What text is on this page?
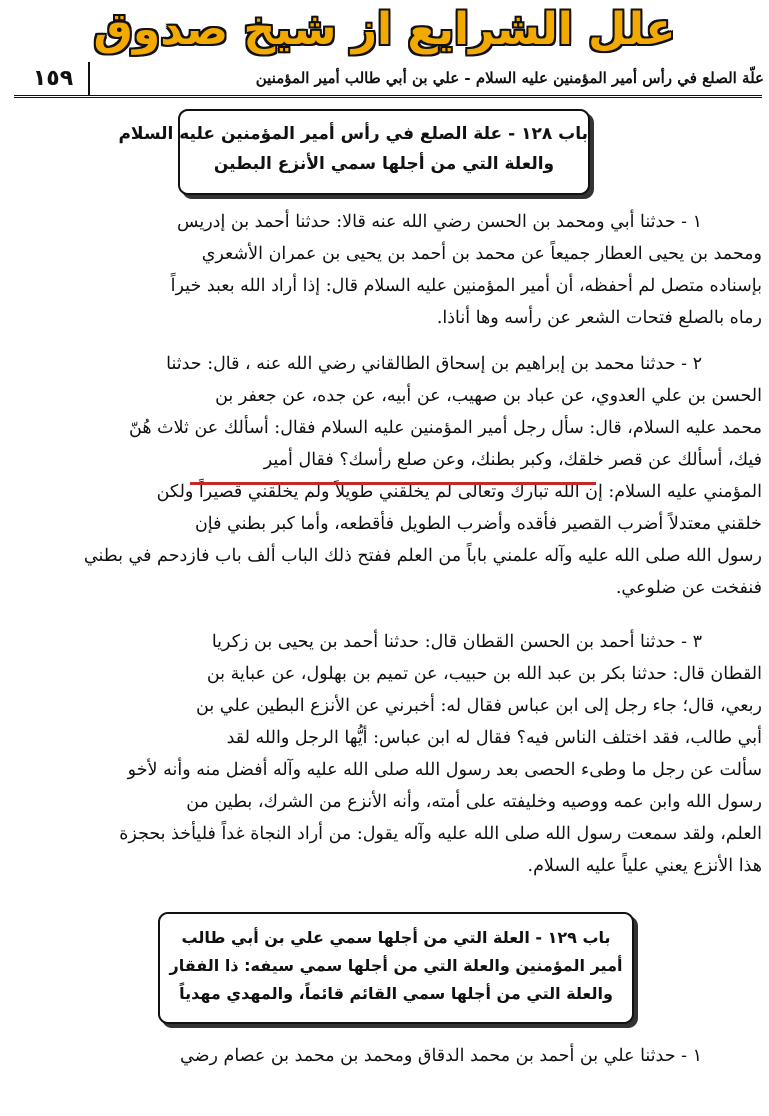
علل الشرايع از شيخ صدوق
١٥٩	علّة الصلع في رأس أمير المؤمنين عليه السلام - علي بن أبي طالب أمير المؤمنين
باب ١٢٨ - علة الصلع في رأس أمير المؤمنين عليه السلام
والعلة التي من أجلها سمي الأنزع البطين
١ - حدثنا أبي ومحمد بن الحسن رضي الله عنه قالا: حدثنا أحمد بن إدريس
ومحمد بن يحيى العطار جميعاً عن محمد بن أحمد بن يحيى بن عمران الأشعري
بإسناده متصل لم أحفظه، أن أمير المؤمنين عليه السلام قال: إذا أراد الله بعبد خيراً
رماه بالصلع فتحات الشعر عن رأسه وها أناذا.
٢ - حدثنا محمد بن إبراهيم بن إسحاق الطالقاني رضي الله عنه ، قال: حدثنا
الحسن بن علي العدوي، عن عباد بن صهيب، عن أبيه، عن جده، عن جعفر بن
محمد عليه السلام، قال: سأل رجل أمير المؤمنين عليه السلام فقال: أسألك عن ثلاث هُنّ
فيك، أسألك عن قصر خلقك، وكبر بطنك، وعن صلع رأسك؟ فقال أمير
المؤمني عليه السلام: إن الله تبارك وتعالى لم يخلقني طويلاً ولم يخلقني قصيراً ولكن
خلقني معتدلاً أضرب القصير فأقده وأضرب الطويل فأقطعه، وأما كبر بطني فإن
رسول الله صلى الله عليه وآله علمني باباً من العلم ففتح ذلك الباب ألف باب فازدحم في بطني
فنفخت عن ضلوعي.
٣ - حدثنا أحمد بن الحسن القطان قال: حدثنا أحمد بن يحيى بن زكريا
القطان قال: حدثنا بكر بن عبد الله بن حبيب، عن تميم بن بهلول، عن عباية بن
ربعي، قال؛ جاء رجل إلى ابن عباس فقال له: أخبرني عن الأنزع البطين علي بن
أبي طالب، فقد اختلف الناس فيه؟ فقال له ابن عباس: أيُّها الرجل والله لقد
سألت عن رجل ما وطىء الحصى بعد رسول الله صلى الله عليه وآله أفضل منه وأنه لأخو
رسول الله وابن عمه ووصيه وخليفته على أمته، وأنه الأنزع من الشرك، بطين من
العلم، ولقد سمعت رسول الله صلى الله عليه وآله يقول: من أراد النجاة غداً فليأخذ بحجزة
هذا الأنزع يعني علياً عليه السلام.
باب ١٢٩ - العلة التي من أجلها سمي علي بن أبي طالب
أمير المؤمنين والعلة التي من أجلها سمي سيفه: ذا الفقار
والعلة التي من أجلها سمي القائم قائماً، والمهدي مهدياً
١ - حدثنا علي بن أحمد بن محمد الدقاق ومحمد بن محمد بن عصام رضي
